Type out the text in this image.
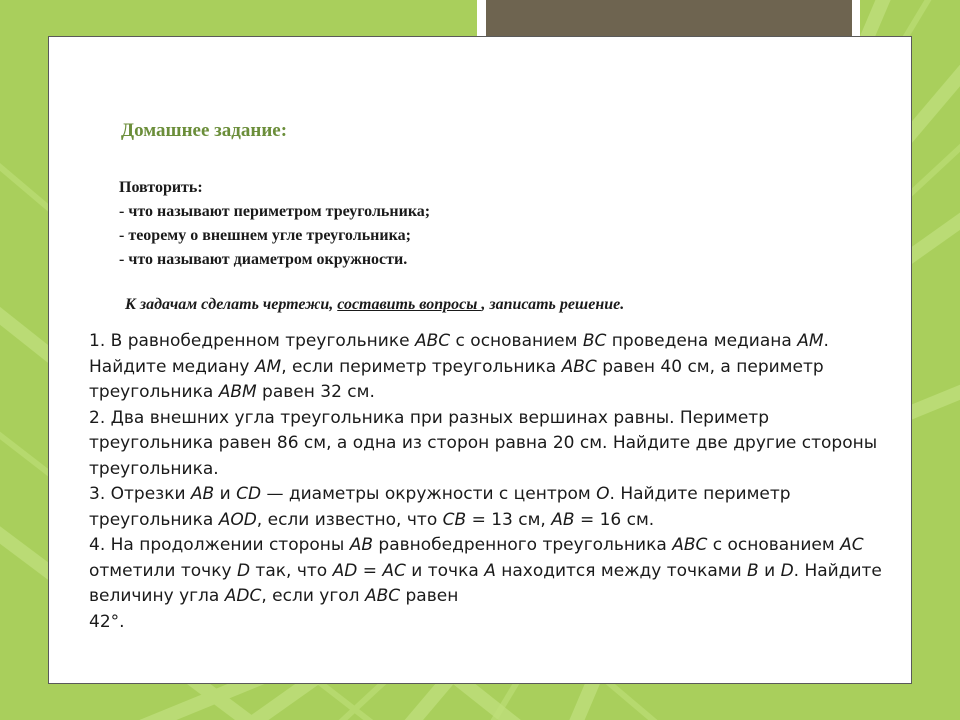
Домашнее задание:
Повторить:
- что называют периметром треугольника;
- теорему о внешнем угле треугольника;
- что называют диаметром окружности.
К задачам сделать чертежи, составить вопросы , записать решение.

1. В равнобедренном треугольнике ABC с основанием BC проведена медиана AM. Найдите медиану AM, если периметр треугольника ABC равен 40 см, а периметр треугольника ABM равен 32 см.

2. Два внешних угла треугольника при разных вершинах равны. Периметр треугольника равен 86 см, а одна из сторон равна 20 см. Найдите две другие стороны треугольника.

3. Отрезки AB и CD — диаметры окружности с центром O. Найдите периметр треугольника AOD, если известно, что CB = 13 см, AB = 16 см.

4. На продолжении стороны AB равнобедренного треугольника ABC с основанием AC отметили точку D так, что AD = AC и точка A находится между точками B и D. Найдите величину угла ADC, если угол ABC равен
42°.
